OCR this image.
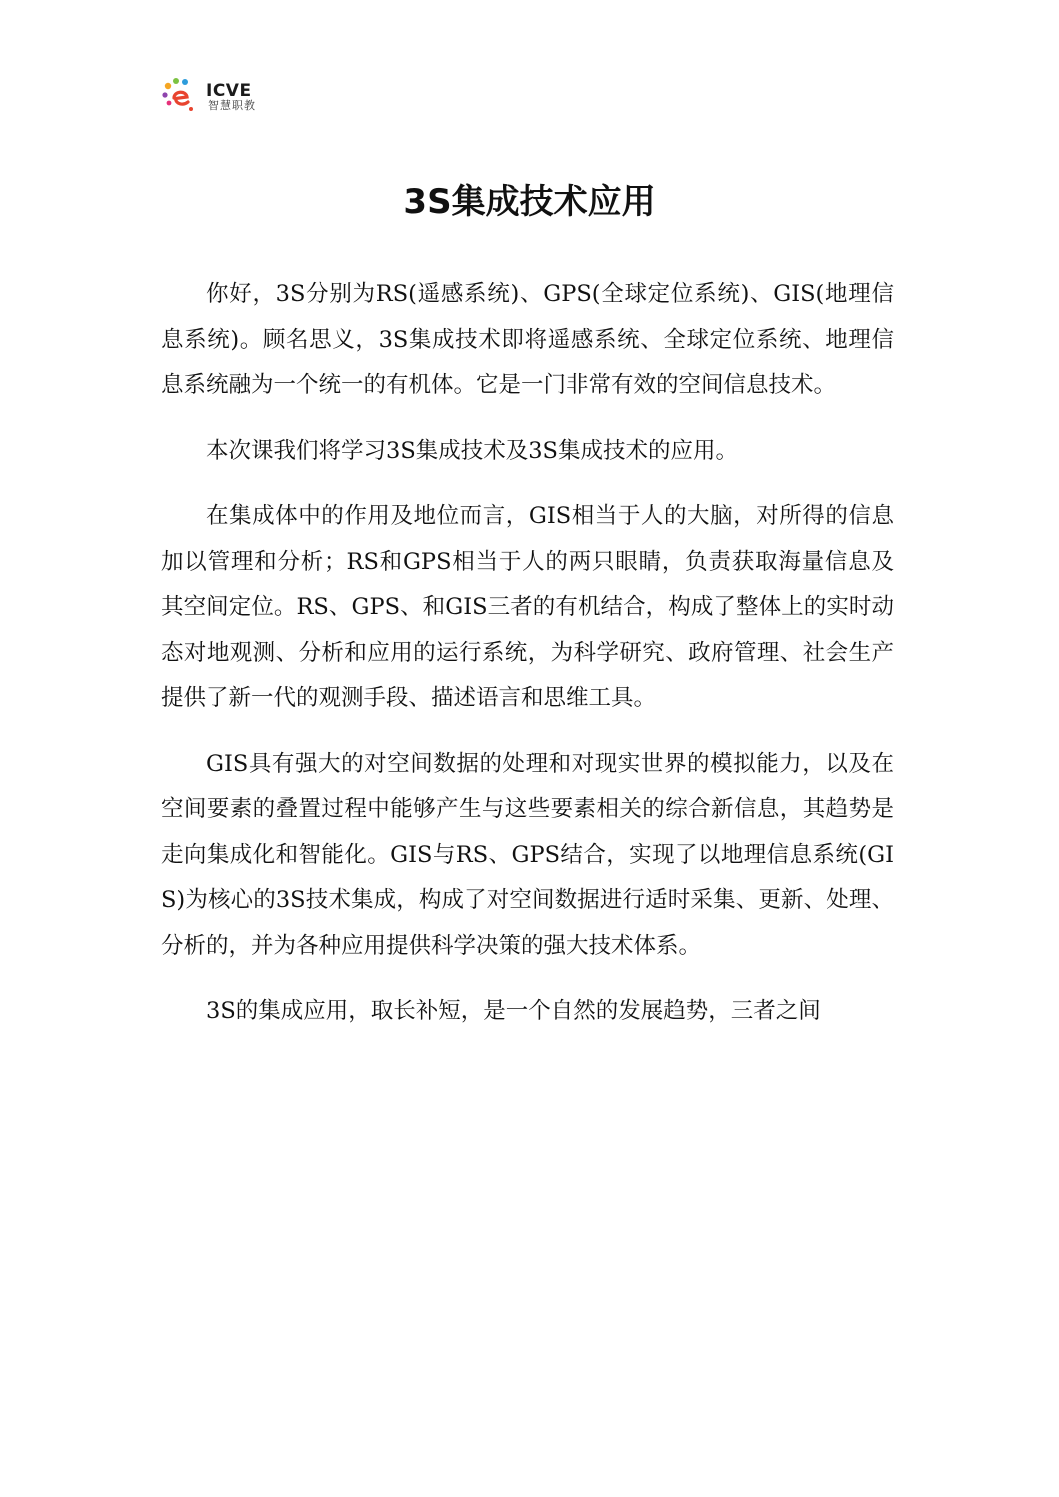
ICVE
智慧职教
3S集成技术应用

你好，3S分别为RS(遥感系统)、GPS(全球定位系统)、GIS(地理信息系统)。顾名思义，3S集成技术即将遥感系统、全球定位系统、地理信息系统融为一个统一的有机体。它是一门非常有效的空间信息技术。

本次课我们将学习3S集成技术及3S集成技术的应用。

在集成体中的作用及地位而言，GIS相当于人的大脑，对所得的信息加以管理和分析；RS和GPS相当于人的两只眼睛，负责获取海量信息及其空间定位。RS、GPS、和GIS三者的有机结合，构成了整体上的实时动态对地观测、分析和应用的运行系统，为科学研究、政府管理、社会生产提供了新一代的观测手段、描述语言和思维工具。

GIS具有强大的对空间数据的处理和对现实世界的模拟能力，以及在空间要素的叠置过程中能够产生与这些要素相关的综合新信息，其趋势是走向集成化和智能化。GIS与RS、GPS结合，实现了以地理信息系统(GIS)为核心的3S技术集成，构成了对空间数据进行适时采集、更新、处理、分析的，并为各种应用提供科学决策的强大技术体系。

3S的集成应用，取长补短，是一个自然的发展趋势，三者之间
